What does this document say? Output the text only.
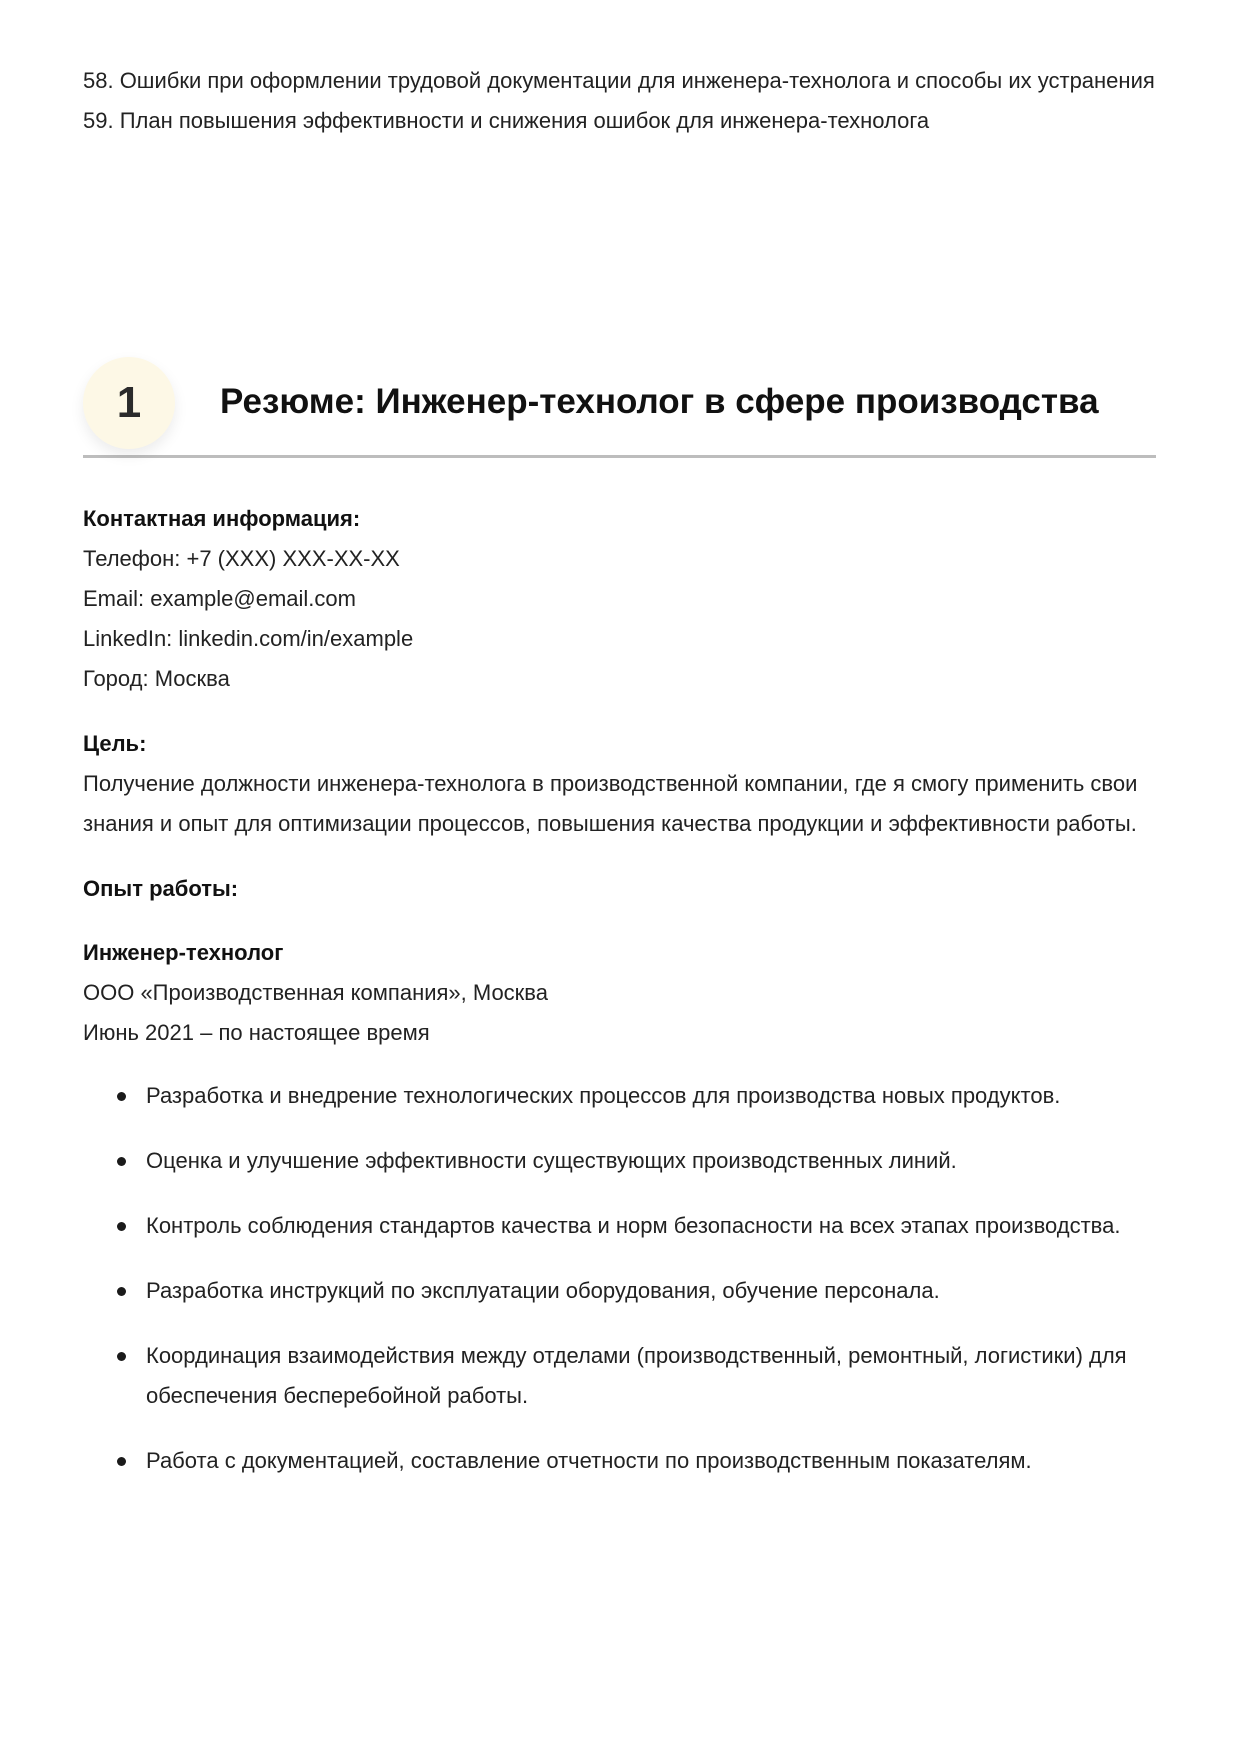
58. Ошибки при оформлении трудовой документации для инженера-технолога и способы их устранения

59. План повышения эффективности и снижения ошибок для инженера-технолога

1	Резюме: Инженер-технолог в сфере производства

Контактная информация:

Телефон: +7 (XXX) XXX-XX-XX

Email: example@email.com

LinkedIn: linkedin.com/in/example

Город: Москва

Цель:

Получение должности инженера-технолога в производственной компании, где я смогу применить свои знания и опыт для оптимизации процессов, повышения качества продукции и эффективности работы.

Опыт работы:

Инженер-технолог

ООО «Производственная компания», Москва

Июнь 2021 – по настоящее время

Разработка и внедрение технологических процессов для производства новых продуктов.
Оценка и улучшение эффективности существующих производственных линий.
Контроль соблюдения стандартов качества и норм безопасности на всех этапах производства.
Разработка инструкций по эксплуатации оборудования, обучение персонала.
Координация взаимодействия между отделами (производственный, ремонтный, логистики) для обеспечения бесперебойной работы.
Работа с документацией, составление отчетности по производственным показателям.
